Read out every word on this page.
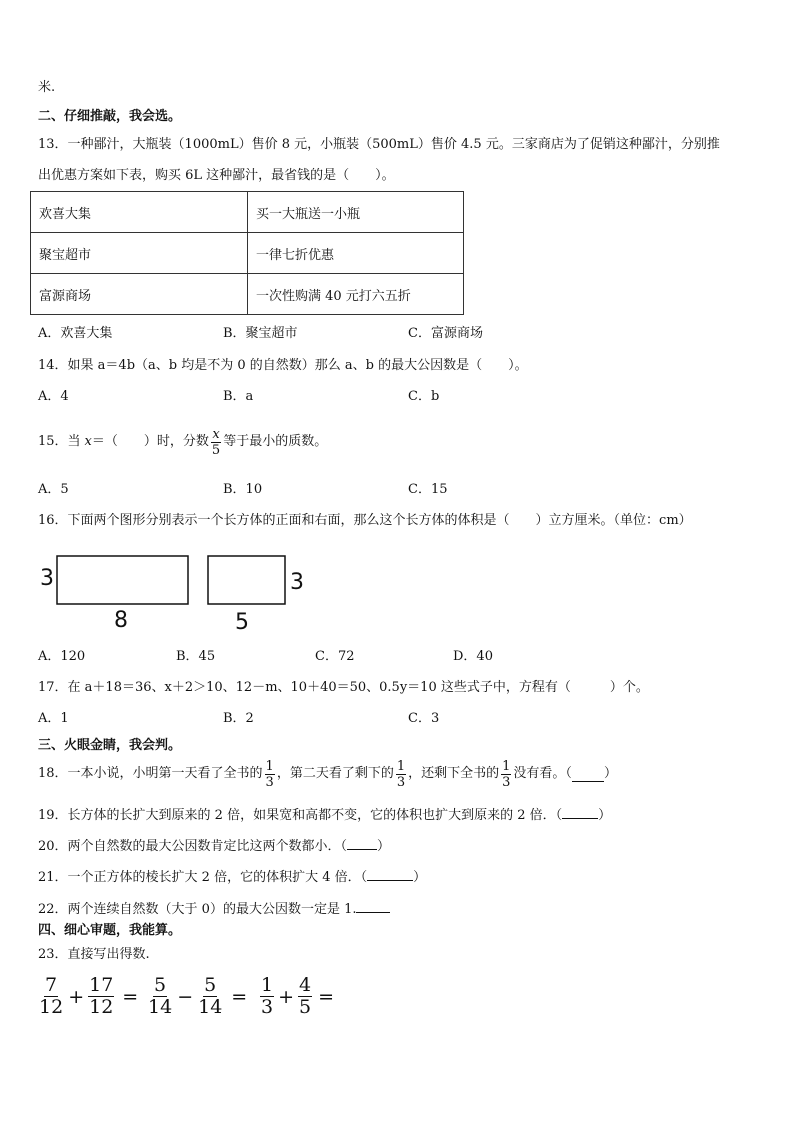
米.
二、仔细推敲，我会选。
13．一种鄙汁，大瓶装（1000mL）售价 8 元，小瓶装（500mL）售价 4.5 元。三家商店为了促销这种鄙汁，分别推
出优惠方案如下表，购买 6L 这种鄙汁，最省钱的是（　　）。
欢喜大集	买一大瓶送一小瓶
聚宝超市	一律七折优惠
富源商场	一次性购满 40 元打六五折
A．欢喜大集	B．聚宝超市	C．富源商场
14．如果 a＝4b（a、b 均是不为 0 的自然数）那么 a、b 的最大公因数是（　　）。
A．4	B．a	C．b
15．当 x ＝（　　）时，分数 $\frac{x}{5}$ 等于最小的质数。
A．5	B．10	C．15
16．下面两个图形分别表示一个长方体的正面和右面，那么这个长方体的体积是（　　）立方厘米。（单位：cm）
3
8	5
3
A．120	B．45	C．72	D．40
17．在 a＋18＝36、x＋2＞10、12－m、10＋40＝50、0.5y＝10 这些式子中，方程有（　　　）个。
A．1	B．2	C．3
三、火眼金睛，我会判。
18．一本小说，小明第一天看了全书的 $\frac{1}{3}$ ，第二天看了剩下的 $\frac{1}{3}$ ，还剩下全书的 $\frac{1}{3}$ 没有看。（ ）
19．长方体的长扩大到原来的 2 倍，如果宽和高都不变，它的体积也扩大到原来的 2 倍．（	）
20．两个自然数的最大公因数肯定比这两个数都小．（ ）
21．一个正方体的棱长扩大 2 倍，它的体积扩大 4 倍．（	）
22．两个连续自然数（大于 0）的最大公因数一定是 1.
四、细心审题，我能算。
23．直接写出得数.
$\frac{7}{12} + \frac{17}{12} = \frac{5}{14} - \frac{5}{14} = \frac{1}{3} + \frac{4}{5}$ =
